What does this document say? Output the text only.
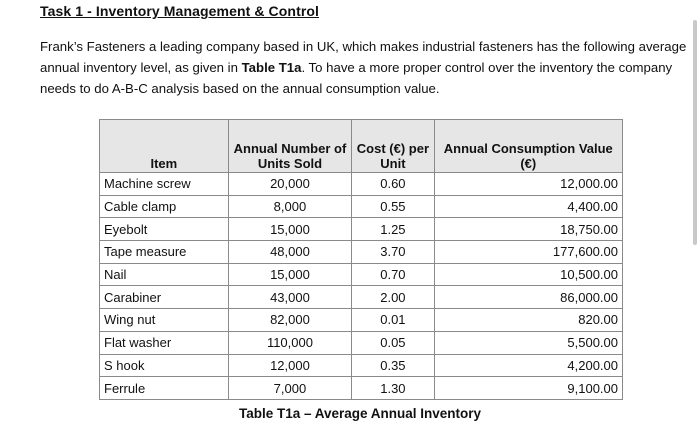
Task 1 - Inventory Management & Control
Frank’s Fasteners a leading company based in UK, which makes industrial fasteners has the following average annual inventory level, as given in Table T1a. To have a more proper control over the inventory the company needs to do A-B-C analysis based on the annual consumption value.
Item	Annual Number of Units Sold	Cost (€) per Unit	Annual Consumption Value (€)
Machine screw	20,000	0.60	12,000.00
Cable clamp	8,000	0.55	4,400.00
Eyebolt	15,000	1.25	18,750.00
Tape measure	48,000	3.70	177,600.00
Nail	15,000	0.70	10,500.00
Carabiner	43,000	2.00	86,000.00
Wing nut	82,000	0.01	820.00
Flat washer	110,000	0.05	5,500.00
S hook	12,000	0.35	4,200.00
Ferrule	7,000	1.30	9,100.00
Table T1a – Average Annual Inventory
